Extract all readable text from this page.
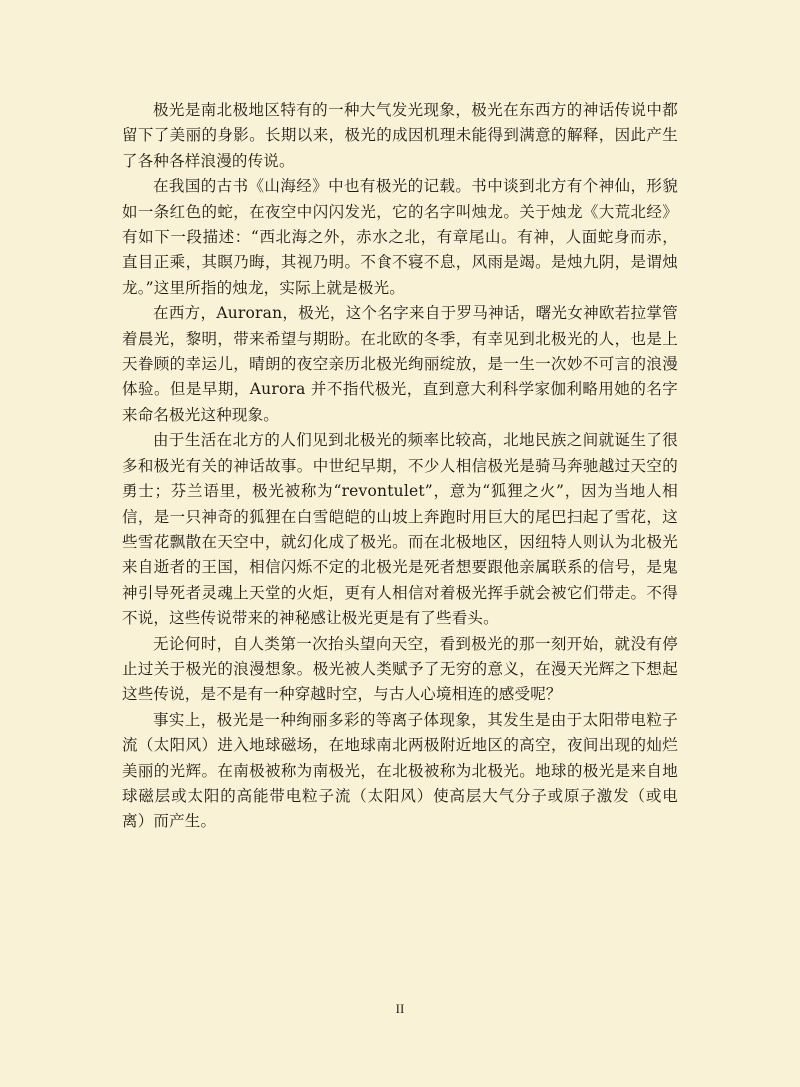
极光是南北极地区特有的一种大气发光现象，极光在东西方的神话传说中都留下了美丽的身影。长期以来，极光的成因机理未能得到满意的解释，因此产生了各种各样浪漫的传说。

在我国的古书《山海经》中也有极光的记载。书中谈到北方有个神仙，形貌如一条红色的蛇，在夜空中闪闪发光，它的名字叫烛龙。关于烛龙《大荒北经》有如下一段描述：“西北海之外，赤水之北，有章尾山。有神，人面蛇身而赤，直目正乘，其瞑乃晦，其视乃明。不食不寝不息，风雨是竭。是烛九阴，是谓烛龙。”这里所指的烛龙，实际上就是极光。

在西方，Auroran，极光，这个名字来自于罗马神话，曙光女神欧若拉掌管着晨光，黎明，带来希望与期盼。在北欧的冬季，有幸见到北极光的人，也是上天眷顾的幸运儿，晴朗的夜空亲历北极光绚丽绽放，是一生一次妙不可言的浪漫体验。但是早期，Aurora 并不指代极光，直到意大利科学家伽利略用她的名字来命名极光这种现象。

由于生活在北方的人们见到北极光的频率比较高，北地民族之间就诞生了很多和极光有关的神话故事。中世纪早期，不少人相信极光是骑马奔驰越过天空的勇士；芬兰语里，极光被称为“revontulet”，意为“狐狸之火”，因为当地人相信，是一只神奇的狐狸在白雪皑皑的山坡上奔跑时用巨大的尾巴扫起了雪花，这些雪花飘散在天空中，就幻化成了极光。而在北极地区，因纽特人则认为北极光来自逝者的王国，相信闪烁不定的北极光是死者想要跟他亲属联系的信号，是鬼神引导死者灵魂上天堂的火炬，更有人相信对着极光挥手就会被它们带走。不得不说，这些传说带来的神秘感让极光更是有了些看头。

无论何时，自人类第一次抬头望向天空，看到极光的那一刻开始，就没有停止过关于极光的浪漫想象。极光被人类赋予了无穷的意义，在漫天光辉之下想起这些传说，是不是有一种穿越时空，与古人心境相连的感受呢？

事实上，极光是一种绚丽多彩的等离子体现象，其发生是由于太阳带电粒子流（太阳风）进入地球磁场，在地球南北两极附近地区的高空，夜间出现的灿烂美丽的光辉。在南极被称为南极光，在北极被称为北极光。地球的极光是来自地球磁层或太阳的高能带电粒子流（太阳风）使高层大气分子或原子激发（或电离）而产生。

II
